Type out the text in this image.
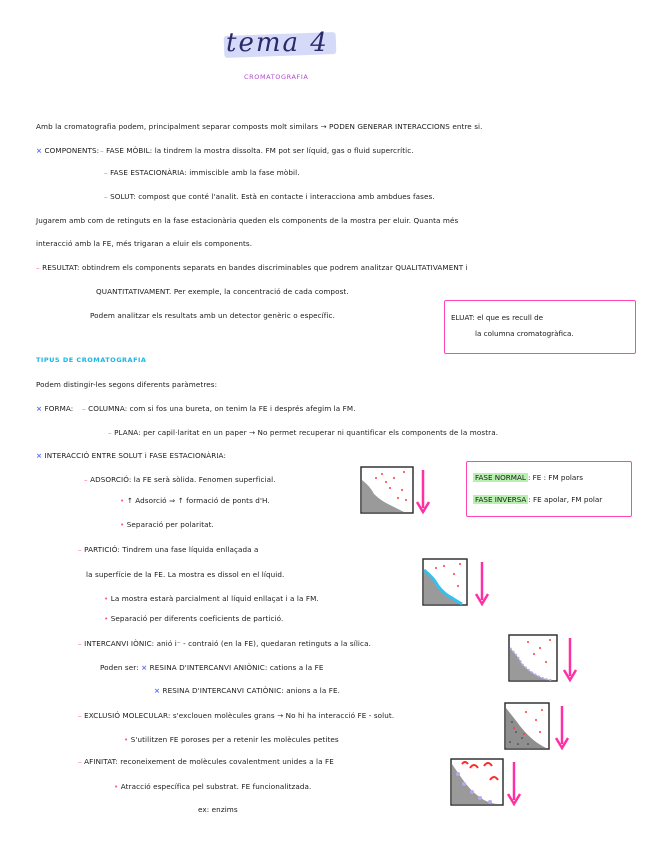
tema 4
CROMATOGRAFIA
Amb la cromatografia podem, principalment separar composts molt similars → PODEN GENERAR INTERACCIONS entre si.
× COMPONENTS: – FASE MÒBIL: la tindrem la mostra dissolta. FM pot ser líquid, gas o fluid supercrític.
– FASE ESTACIONÀRIA: immiscible amb la fase mòbil.
– SOLUT: compost que conté l'analit. Està en contacte i interacciona amb ambdues fases.
Jugarem amb com de retinguts en la fase estacionària queden els components de la mostra per eluir. Quanta més
interacció amb la FE, més trigaran a eluir els components.
– RESULTAT: obtindrem els components separats en bandes discriminables que podrem analitzar QUALITATIVAMENT i
QUANTITATIVAMENT. Per exemple, la concentració de cada compost.
Podem analitzar els resultats amb un detector genèric o específic.	ELUAT: el que es recull de
la columna cromatogràfica.
TIPUS DE CROMATOGRAFIA
Podem distingir-les segons diferents paràmetres:
× FORMA: – COLUMNA: com si fos una bureta, on tenim la FE i després afegim la FM.
– PLANA: per capil·laritat en un paper → No permet recuperar ni quantificar els components de la mostra.
× INTERACCIÓ ENTRE SOLUT i FASE ESTACIONÀRIA:
– ADSORCIÓ: la FE serà sòlida. Fenomen superficial.
• ↑ Adsorció ⇒ ↑ formació de ponts d'H.
• Separació per polaritat.
FASE NORMAL : FE : FM polars
FASE INVERSA : FE apolar, FM polar
– PARTICIÓ: Tindrem una fase líquida enllaçada a
la superfície de la FE. La mostra es dissol en el líquid.
• La mostra estarà parcialment al líquid enllaçat i a la FM.
• Separació per diferents coeficients de partició.
– INTERCANVI IÒNIC: anió i⁻ - contraió (en la FE), quedaran retinguts a la sílica.
Poden ser: × RESINA D'INTERCANVI ANIÒNIC: cations a la FE
× RESINA D'INTERCANVI CATIÒNIC: anions a la FE.
– EXCLUSIÓ MOLECULAR: s'exclouen molècules grans → No hi ha interacció FE - solut.
• S'utilitzen FE poroses per a retenir les molècules petites
– AFINITAT: reconeixement de molècules covalentment unides a la FE
• Atracció específica pel substrat. FE funcionalitzada.
ex: enzims
